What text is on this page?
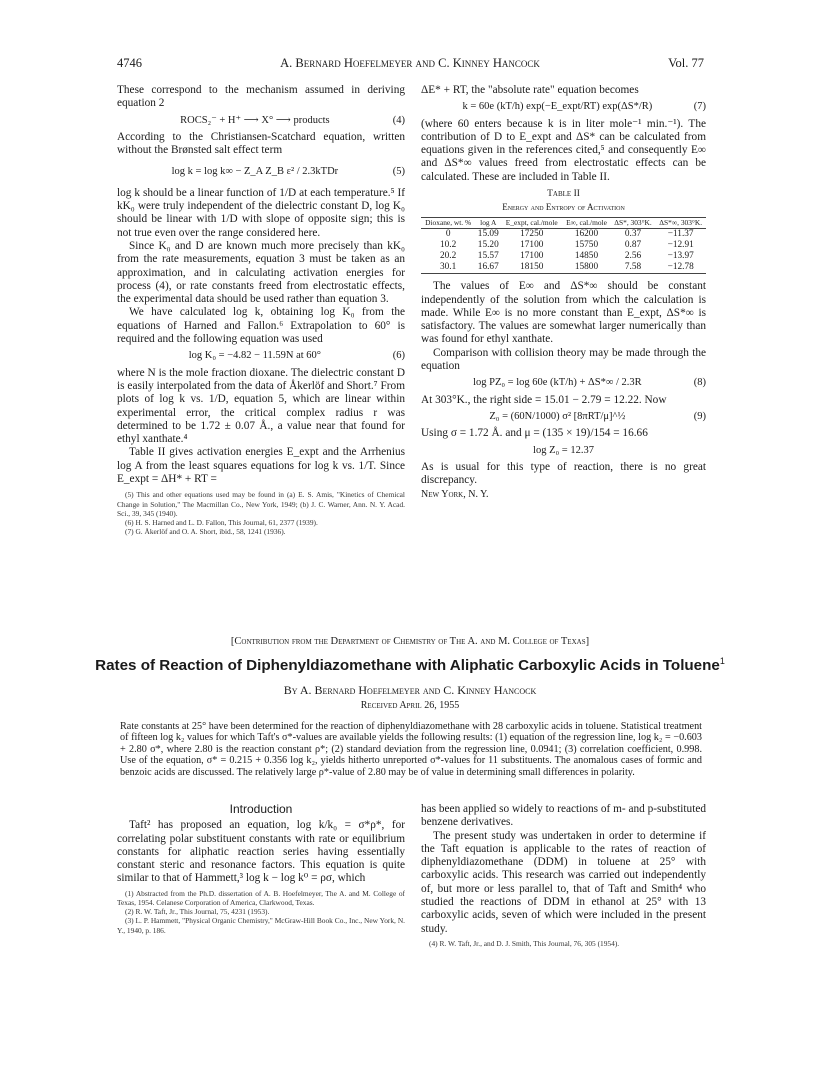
4746	A. Bernard Hoefelmeyer and C. Kinney Hancock	Vol. 77

These correspond to the mechanism assumed in deriving equation 2

ROCS₂⁻ + H⁺ ⟶ X° ⟶ products	(4)

According to the Christiansen-Scatchard equation, written without the Brønsted salt effect term

log k = log k∞ − Z_A Z_B ε² / 2.3kTDr	(5)

log k should be a linear function of 1/D at each temperature.⁵ If kK₀ were truly independent of the dielectric constant D, log K₀ should be linear with 1/D with slope of opposite sign; this is not true even over the range considered here.

Since K₀ and D are known much more precisely than kK₀ from the rate measurements, equation 3 must be taken as an approximation, and in calculating activation energies for process (4), or rate constants freed from electrostatic effects, the experimental data should be used rather than equation 3.

We have calculated log k, obtaining log K₀ from the equations of Harned and Fallon.⁶ Extrapolation to 60° is required and the following equation was used

log K₀ = −4.82 − 11.59N at 60°	(6)

where N is the mole fraction dioxane. The dielectric constant D is easily interpolated from the data of Åkerlöf and Short.⁷ From plots of log k vs. 1/D, equation 5, which are linear within experimental error, the critical complex radius r was determined to be 1.72 ± 0.07 Å., a value near that found for ethyl xanthate.⁴

Table II gives activation energies E_expt and the Arrhenius log A from the least squares equations for log k vs. 1/T. Since E_expt = ΔH* + RT =

(5) This and other equations used may be found in (a) E. S. Amis, "Kinetics of Chemical Change in Solution," The Macmillan Co., New York, 1949; (b) J. C. Warner, Ann. N. Y. Acad. Sci., 39, 345 (1940).

(6) H. S. Harned and L. D. Fallon, This Journal, 61, 2377 (1939).

(7) G. Åkerlöf and O. A. Short, ibid., 58, 1241 (1936).

ΔE* + RT, the "absolute rate" equation becomes

k = 60e (kT/h) exp(−E_expt/RT) exp(ΔS*/R)	(7)

(where 60 enters because k is in liter mole⁻¹ min.⁻¹). The contribution of D to E_expt and ΔS* can be calculated from equations given in the references cited,⁵ and consequently E∞ and ΔS*∞ values freed from electrostatic effects can be calculated. These are included in Table II.

Table II
Energy and Entropy of Activation
Dioxane, wt. %	log A	E_expt, cal./mole	E∞, cal./mole	ΔS*, 303°K.	ΔS*∞, 303°K.
0	15.09	17250	16200	0.37	−11.37
10.2	15.20	17100	15750	0.87	−12.91
20.2	15.57	17100	14850	2.56	−13.97
30.1	16.67	18150	15800	7.58	−12.78

The values of E∞ and ΔS*∞ should be constant independently of the solution from which the calculation is made. While E∞ is no more constant than E_expt, ΔS*∞ is satisfactory. The values are somewhat larger numerically than was found for ethyl xanthate.

Comparison with collision theory may be made through the equation

log PZ₀ = log 60e (kT/h) + ΔS*∞ / 2.3R	(8)

At 303°K., the right side = 15.01 − 2.79 = 12.22. Now

Z₀ = (60N/1000) σ² [8πRT/μ]^½	(9)

Using σ = 1.72 Å. and μ = (135 × 19)/154 = 16.66

log Z₀ = 12.37

As is usual for this type of reaction, there is no great discrepancy.

New York, N. Y.

[Contribution from the Department of Chemistry of The A. and M. College of Texas]
Rates of Reaction of Diphenyldiazomethane with Aliphatic Carboxylic Acids in Toluene$^1$
By A. Bernard Hoefelmeyer and C. Kinney Hancock
Received April 26, 1955
Rate constants at 25° have been determined for the reaction of diphenyldiazomethane with 28 carboxylic acids in toluene. Statistical treatment of fifteen log k₂ values for which Taft's σ*-values are available yields the following results: (1) equation of the regression line, log k₂ = −0.603 + 2.80 σ*, where 2.80 is the reaction constant ρ*; (2) standard deviation from the regression line, 0.0941; (3) correlation coefficient, 0.998. Use of the equation, σ* = 0.215 + 0.356 log k₂, yields hitherto unreported σ*-values for 11 substituents. The anomalous cases of formic and benzoic acids are discussed. The relatively large ρ*-value of 2.80 may be of value in determining small differences in polarity.
Introduction

Taft² has proposed an equation, log k/k₀ = σ*ρ*, for correlating polar substituent constants with rate or equilibrium constants for aliphatic reaction series having essentially constant steric and resonance factors. This equation is quite similar to that of Hammett,³ log k − log k⁰ = ρσ, which

(1) Abstracted from the Ph.D. dissertation of A. B. Hoefelmeyer, The A. and M. College of Texas, 1954. Celanese Corporation of America, Clarkwood, Texas.

(2) R. W. Taft, Jr., This Journal, 75, 4231 (1953).

(3) L. P. Hammett, "Physical Organic Chemistry," McGraw-Hill Book Co., Inc., New York, N. Y., 1940, p. 186.

has been applied so widely to reactions of m- and p-substituted benzene derivatives.

The present study was undertaken in order to determine if the Taft equation is applicable to the rates of reaction of diphenyldiazomethane (DDM) in toluene at 25° with carboxylic acids. This research was carried out independently of, but more or less parallel to, that of Taft and Smith⁴ who studied the reactions of DDM in ethanol at 25° with 13 carboxylic acids, seven of which were included in the present study.

(4) R. W. Taft, Jr., and D. J. Smith, This Journal, 76, 305 (1954).
